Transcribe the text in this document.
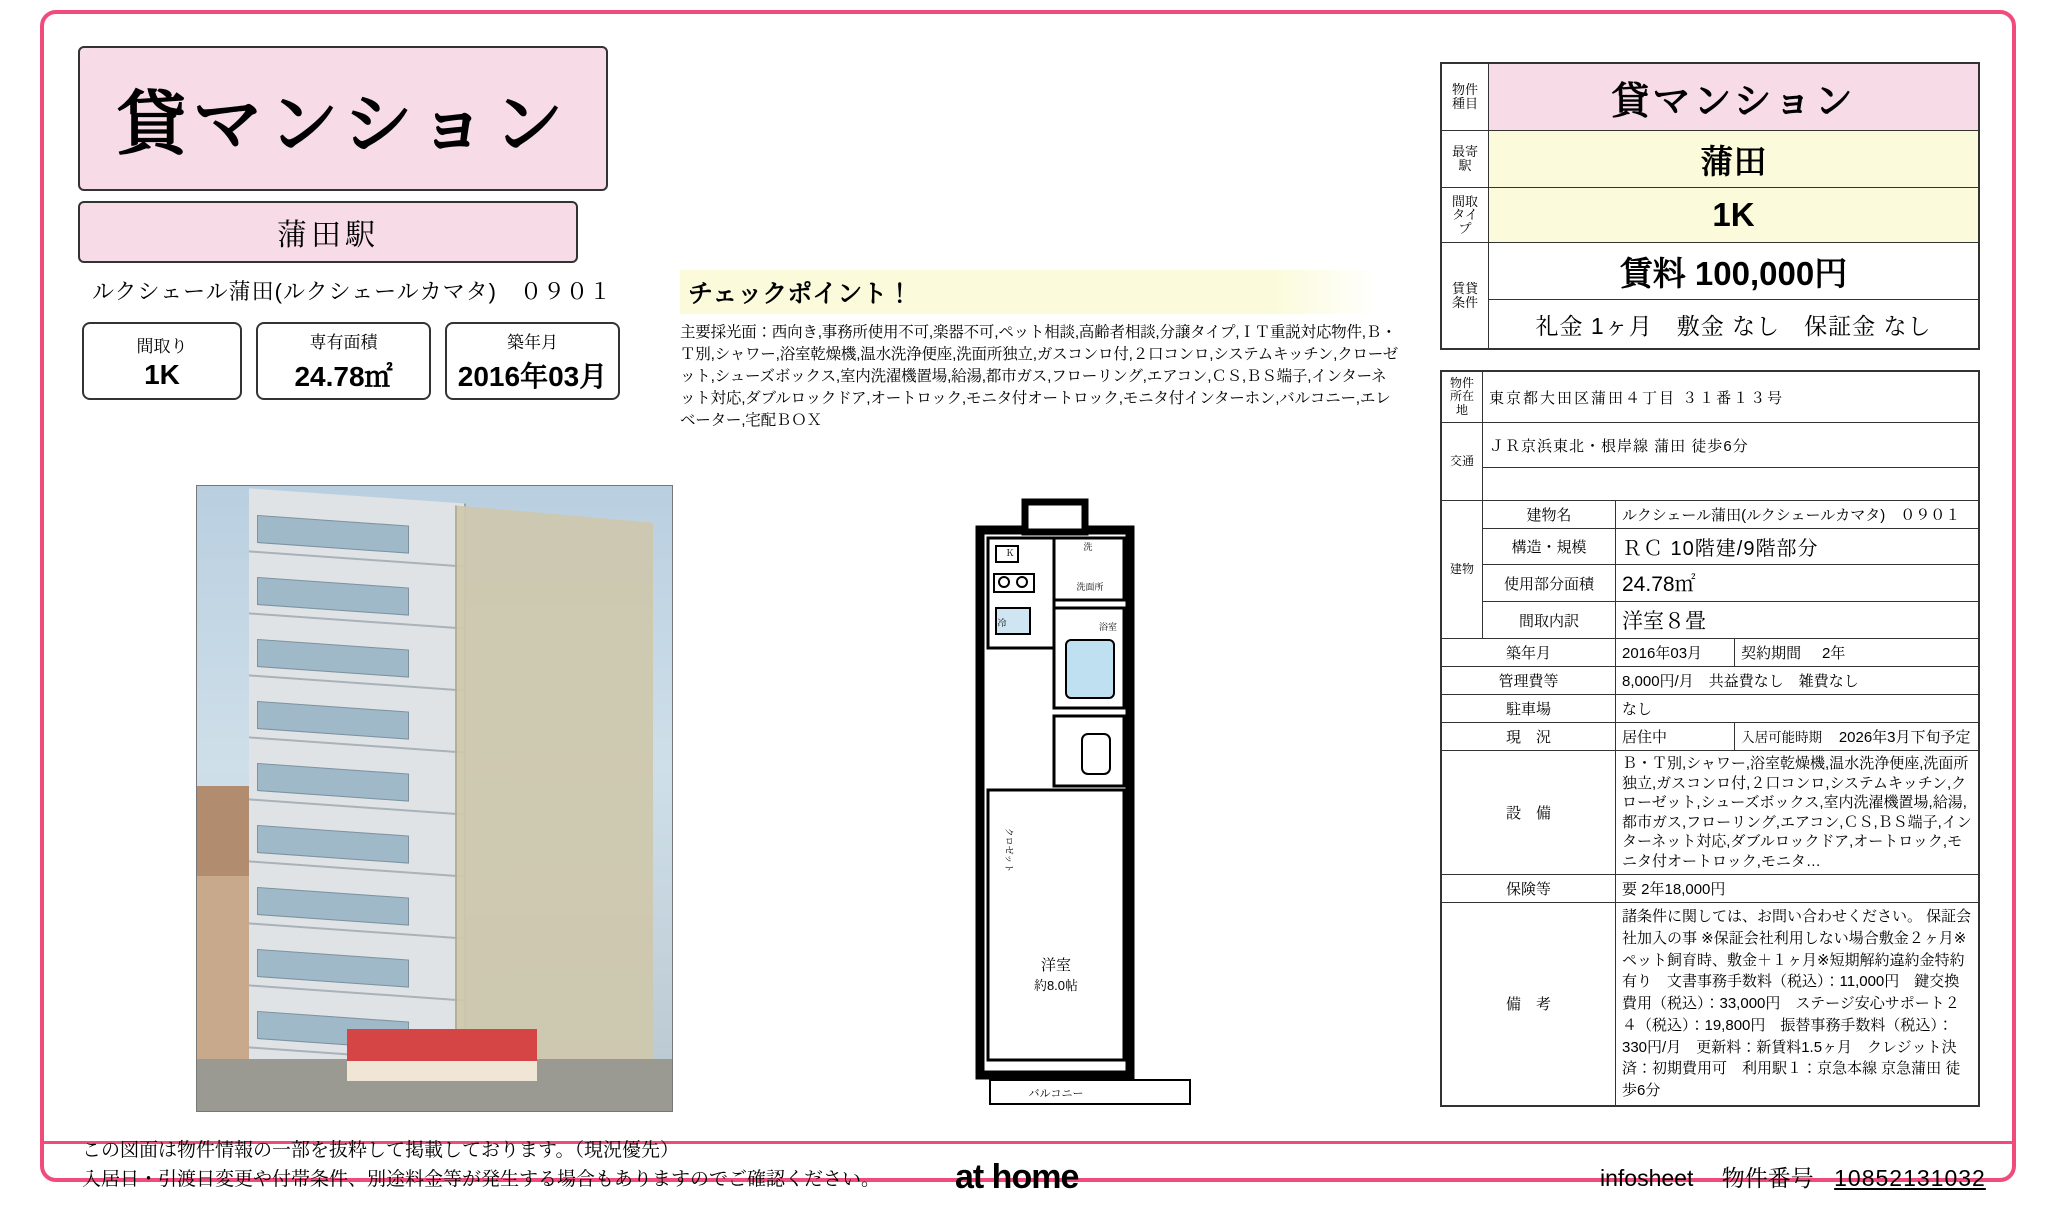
貸マンション
蒲田駅
ルクシェール蒲田(ルクシェールカマタ)　０９０１
間取り
1K
専有面積
24.78㎡
築年月
2016年03月
チェックポイント！
主要採光面：西向き,事務所使用不可,楽器不可,ペット相談,高齢者相談,分譲タイプ,ＩＴ重説対応物件,Ｂ・Ｔ別,シャワー,浴室乾燥機,温水洗浄便座,洗面所独立,ガスコンロ付,２口コンロ,システムキッチン,クローゼット,シューズボックス,室内洗濯機置場,給湯,都市ガス,フローリング,エアコン,ＣＳ,ＢＳ端子,インターネット対応,ダブルロックドア,オートロック,モニタ付オートロック,モニタ付インターホン,バルコニー,エレベーター,宅配ＢＯＸ
バルコニー
洋室
約8.0帖
洗
冷
洗面所
浴室
Ｋ
クロゼット
物件種目	貸マンション
最寄駅	蒲田
間取タイプ	1K
賃貸条件	賃料 100,000円
	礼金 1ヶ月　敷金 なし　保証金 なし
物件所在地	東京都大田区蒲田４丁目 ３１番１３号		
交通	ＪＲ京浜東北・根岸線 蒲田 徒歩6分		

建物	建物名	ルクシェール蒲田(ルクシェールカマタ)　０９０１	
	構造・規模	ＲＣ 10階建/9階部分	
	使用部分面積	24.78㎡	
	間取内訳	洋室８畳	
築年月		2016年03月	契約期間 2年
管理費等		8,000円/月　共益費なし　雑費なし	
駐車場		なし	
現　況		居住中	入居可能時期 2026年3月下旬予定
設　備		Ｂ・Ｔ別,シャワー,浴室乾燥機,温水洗浄便座,洗面所独立,ガスコンロ付,２口コンロ,システムキッチン,クローゼット,シューズボックス,室内洗濯機置場,給湯,都市ガス,フローリング,エアコン,ＣＳ,ＢＳ端子,インターネット対応,ダブルロックドア,オートロック,モニタ付オートロック,モニタ…	
保険等		要 2年18,000円	
備　考		諸条件に関しては、お問い合わせください。 保証会社加入の事 ※保証会社利用しない場合敷金２ヶ月※ペット飼育時、敷金＋１ヶ月※短期解約違約金特約有り　文書事務手数料（税込）：11,000円　鍵交換費用（税込）：33,000円　ステージ安心サポート２４（税込）：19,800円　振替事務手数料（税込）：330円/月　更新料：新賃料1.5ヶ月　クレジット決済：初期費用可　利用駅１：京急本線 京急蒲田 徒歩6分	
この図面は物件情報の一部を抜粋して掲載しております。（現況優先）
入居日・引渡日変更や付帯条件、別途料金等が発生する場合もありますのでご確認ください。 at home	infosheet 物件番号 10852131032
